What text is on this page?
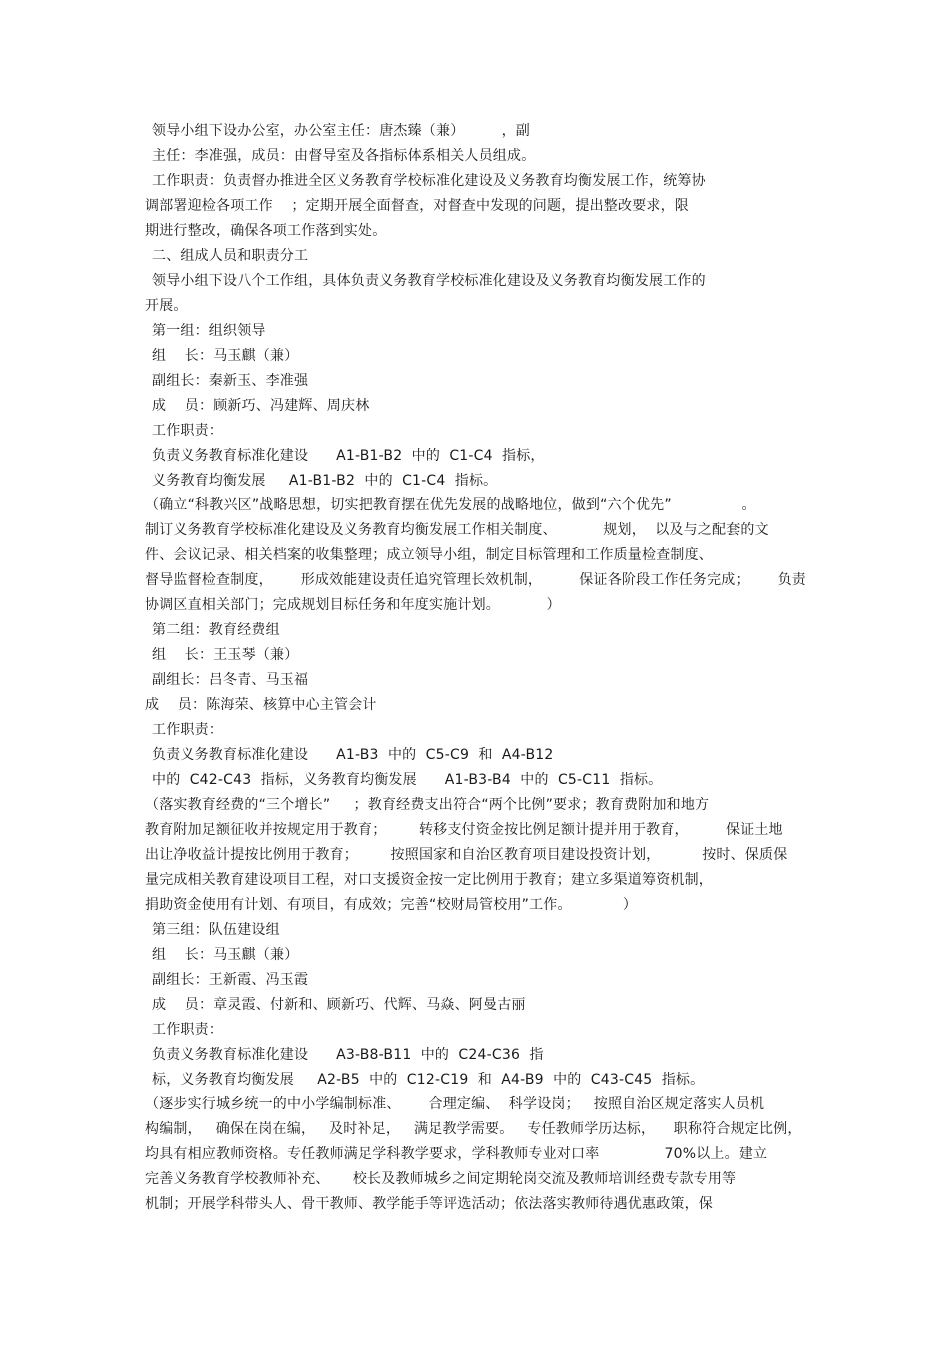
领导小组下设办公室，办公室主任：唐杰臻（兼）        ，副
主任：李准强，成员：由督导室及各指标体系相关人员组成。
工作职责：负责督办推进全区义务教育学校标准化建设及义务教育均衡发展工作，统筹协
调部署迎检各项工作    ；定期开展全面督查，对督查中发现的问题，提出整改要求，限
期进行整改，确保各项工作落到实处。
二、组成人员和职责分工
领导小组下设八个工作组，具体负责义务教育学校标准化建设及义务教育均衡发展工作的
开展。
第一组：组织领导
组    长：马玉麒（兼）
副组长：秦新玉、李准强
成    员：顾新巧、冯建辉、周庆林
工作职责：
负责义务教育标准化建设      A1-B1-B2  中的  C1-C4  指标，
义务教育均衡发展     A1-B1-B2  中的  C1-C4  指标。
（确立“科教兴区”战略思想，切实把教育摆在优先发展的战略地位，做到“六个优先”               。
制订义务教育学校标准化建设及义务教育均衡发展工作相关制度、          规划，  以及与之配套的文
件、会议记录、相关档案的收集整理；成立领导小组，制定目标管理和工作质量检查制度、
督导监督检查制度，      形成效能建设责任追究管理长效机制，        保证各阶段工作任务完成；      负责
协调区直相关部门；完成规划目标任务和年度实施计划。          ）
第二组：教育经费组
组    长：王玉琴（兼）
副组长：吕冬青、马玉福
成    员：陈海荣、核算中心主管会计
工作职责：
负责义务教育标准化建设      A1-B3  中的  C5-C9  和  A4-B12
中的  C42-C43  指标，义务教育均衡发展      A1-B3-B4  中的  C5-C11  指标。
（落实教育经费的“三个增长”     ；教育经费支出符合“两个比例”要求；教育费附加和地方
教育附加足额征收并按规定用于教育；       转移支付资金按比例足额计提并用于教育，        保证土地
出让净收益计提按比例用于教育；       按照国家和自治区教育项目建设投资计划，         按时、保质保
量完成相关教育建设项目工程，对口支援资金按一定比例用于教育；建立多渠道筹资机制，
捐助资金使用有计划、有项目，有成效；完善“校财局管校用”工作。           ）
第三组：队伍建设组
组    长：马玉麒（兼）
副组长：王新霞、冯玉霞
成    员：章灵霞、付新和、顾新巧、代辉、马焱、阿曼古丽
工作职责：
负责义务教育标准化建设      A3-B8-B11  中的  C24-C36  指
标，义务教育均衡发展     A2-B5  中的  C12-C19  和  A4-B9  中的  C43-C45  指标。
（逐步实行城乡统一的中小学编制标准、      合理定编、  科学设岗；   按照自治区规定落实人员机
构编制，   确保在岗在编，   及时补足，   满足教学需要。   专任教师学历达标，    职称符合规定比例，
均具有相应教师资格。专任教师满足学科教学要求，学科教师专业对口率              70%以上。建立
完善义务教育学校教师补充、     校长及教师城乡之间定期轮岗交流及教师培训经费专款专用等
机制；开展学科带头人、骨干教师、教学能手等评选活动；依法落实教师待遇优惠政策，保
